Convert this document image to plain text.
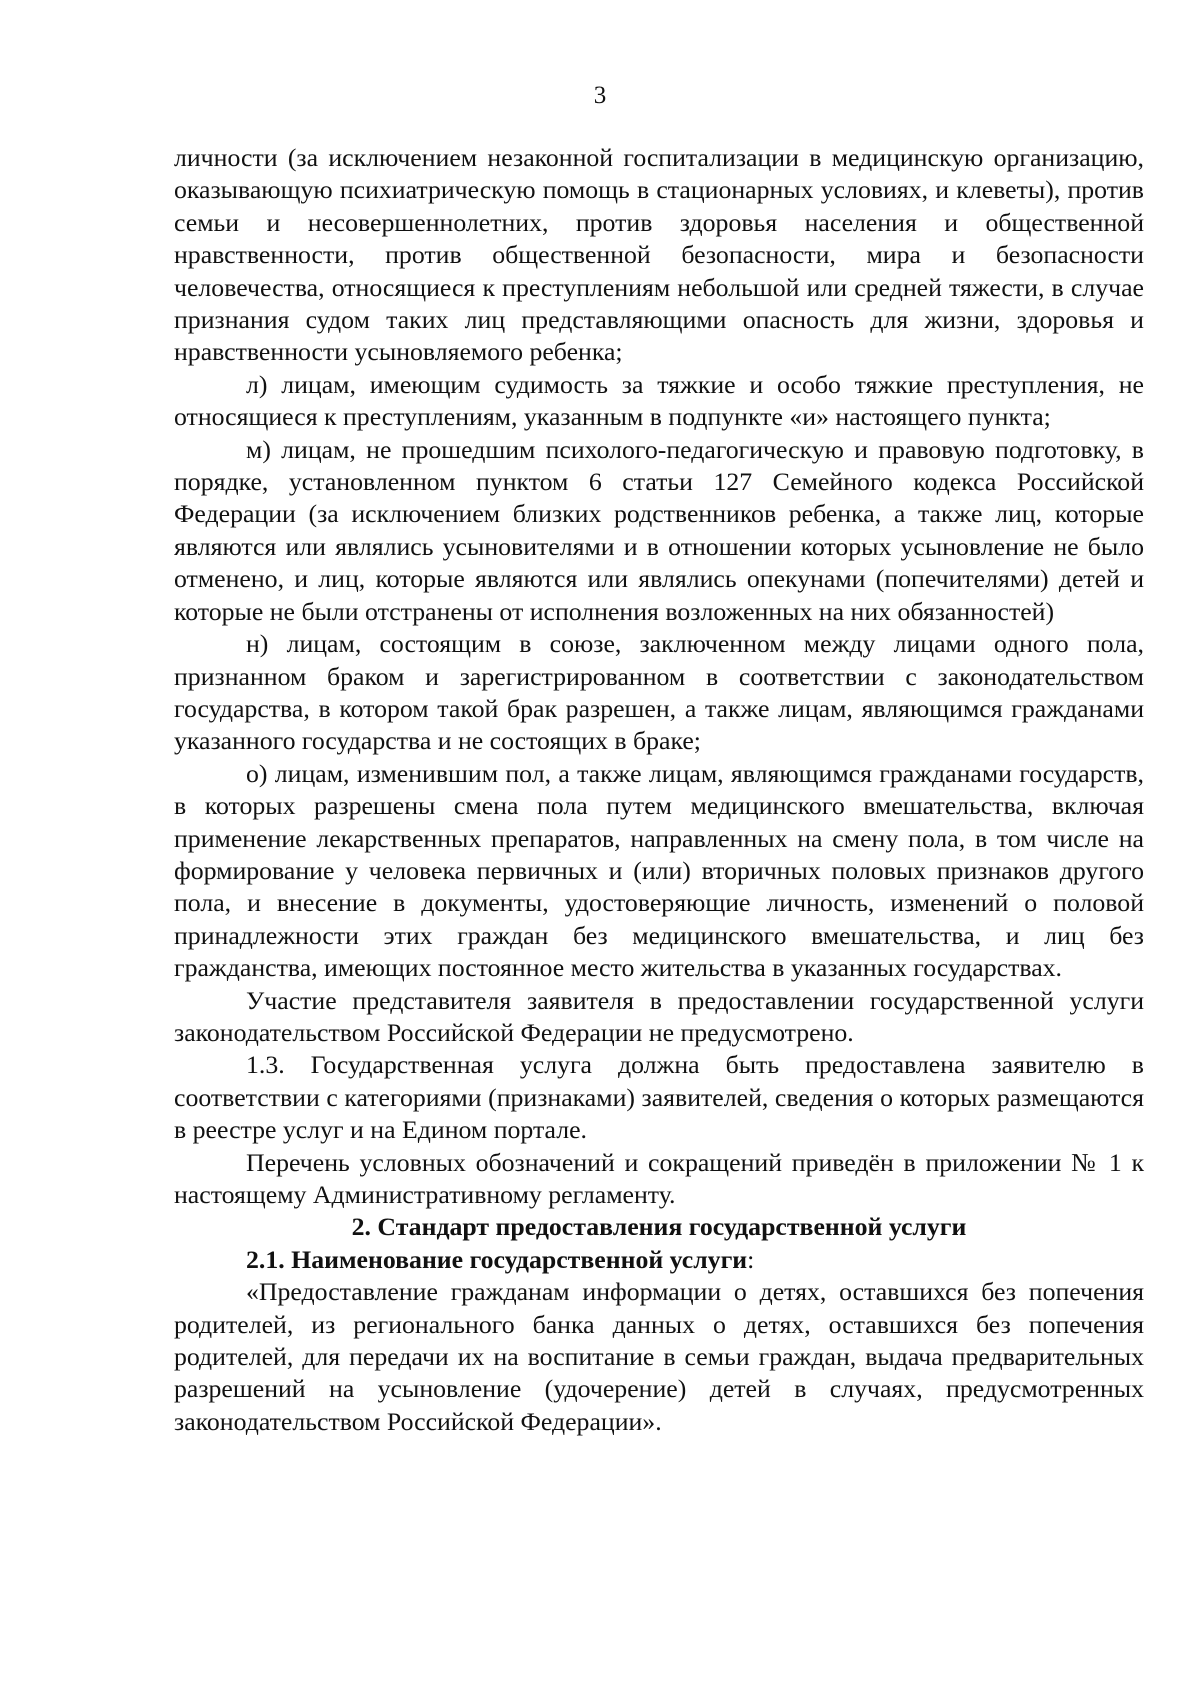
3

личности (за исключением незаконной госпитализации в медицинскую организацию, оказывающую психиатрическую помощь в стационарных условиях, и клеветы), против семьи и несовершеннолетних, против здоровья населения и общественной нравственности, против общественной безопасности, мира и безопасности человечества, относящиеся к преступлениям небольшой или средней тяжести, в случае признания судом таких лиц представляющими опасность для жизни, здоровья и нравственности усыновляемого ребенка;

л) лицам, имеющим судимость за тяжкие и особо тяжкие преступления, не относящиеся к преступлениям, указанным в подпункте «и» настоящего пункта;

м) лицам, не прошедшим психолого-педагогическую и правовую подготовку, в порядке, установленном пунктом 6 статьи 127 Семейного кодекса Российской Федерации (за исключением близких родственников ребенка, а также лиц, которые являются или являлись усыновителями и в отношении которых усыновление не было отменено, и лиц, которые являются или являлись опекунами (попечителями) детей и которые не были отстранены от исполнения возложенных на них обязанностей)

н) лицам, состоящим в союзе, заключенном между лицами одного пола, признанном браком и зарегистрированном в соответствии с законодательством государства, в котором такой брак разрешен, а также лицам, являющимся гражданами указанного государства и не состоящих в браке;

о) лицам, изменившим пол, а также лицам, являющимся гражданами государств, в которых разрешены смена пола путем медицинского вмешательства, включая применение лекарственных препаратов, направленных на смену пола, в том числе на формирование у человека первичных и (или) вторичных половых признаков другого пола, и внесение в документы, удостоверяющие личность, изменений о половой принадлежности этих граждан без медицинского вмешательства, и лиц без гражданства, имеющих постоянное место жительства в указанных государствах.

Участие представителя заявителя в предоставлении государственной услуги законодательством Российской Федерации не предусмотрено.

1.3. Государственная услуга должна быть предоставлена заявителю в соответствии с категориями (признаками) заявителей, сведения о которых размещаются в реестре услуг и на Едином портале.

Перечень условных обозначений и сокращений приведён в приложении № 1 к настоящему Административному регламенту.

2. Стандарт предоставления государственной услуги

2.1. Наименование государственной услуги:

«Предоставление гражданам информации о детях, оставшихся без попечения родителей, из регионального банка данных о детях, оставшихся без попечения родителей, для передачи их на воспитание в семьи граждан, выдача предварительных разрешений на усыновление (удочерение) детей в случаях, предусмотренных законодательством Российской Федерации».
